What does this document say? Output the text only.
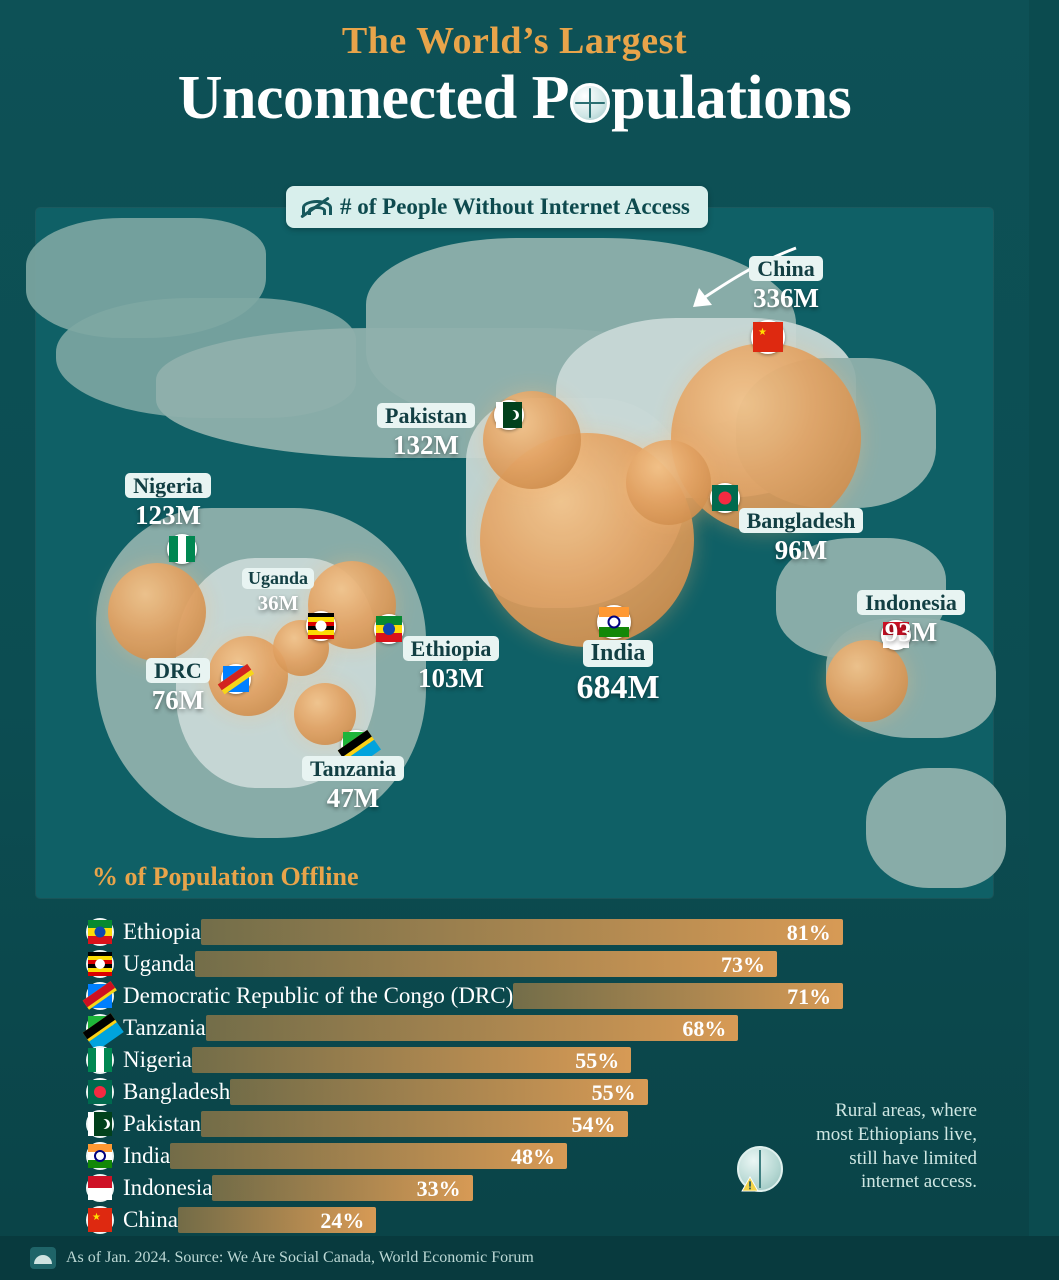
The World’s Largest
Unconnected P pulations
★
China
336M
Pakistan
132M
Bangladesh
96M
India
684M
Indonesia
93M
Nigeria
123M
Ethiopia
103M
DRC
76M
Uganda
36M
Tanzania
47M
# of People Without Internet Access
% of Population Offline
Ethiopia	81%
Uganda	73%
Democratic Republic of the Congo (DRC)	71%
Tanzania	68%
Nigeria	55%
Bangladesh	55%
Pakistan	54%
India	48%
Indonesia	33%
★ China	24%
Rural areas, where
most Ethiopians live,
still have limited
internet access.
As of Jan. 2024. Source: We Are Social Canada, World Economic Forum
